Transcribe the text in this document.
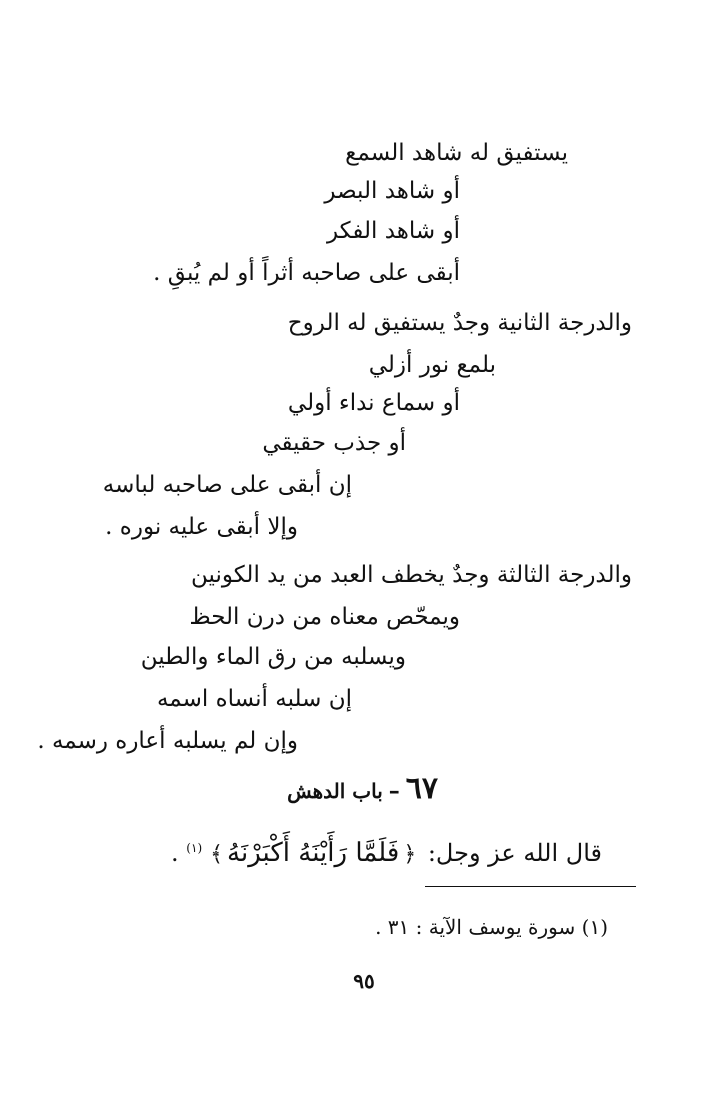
يستفيق له شاهد السمع
أو شاهد البصر
أو شاهد الفكر
أبقى على صاحبه أثراً أو لم يُبقِ .
والدرجة الثانية وجدٌ يستفيق له الروح
بلمع نور أزلي
أو سماع نداء أولي
أو جذب حقيقي
إن أبقى على صاحبه لباسه
وإلا أبقى عليه نوره .
والدرجة الثالثة وجدٌ يخطف العبد من يد الكونين
ويمحّص معناه من درن الحظ
ويسلبه من رق الماء والطين
إن سلبه أنساه اسمه
وإن لم يسلبه أعاره رسمه .
٦٧–باب الدهش
قال الله عز وجل: ﴿فَلَمَّا رَأَيْنَهُ أَكْبَرْنَهُ﴾$^{(١)}$ .
(١) سورة يوسف الآية : ٣١ .
٩٥
